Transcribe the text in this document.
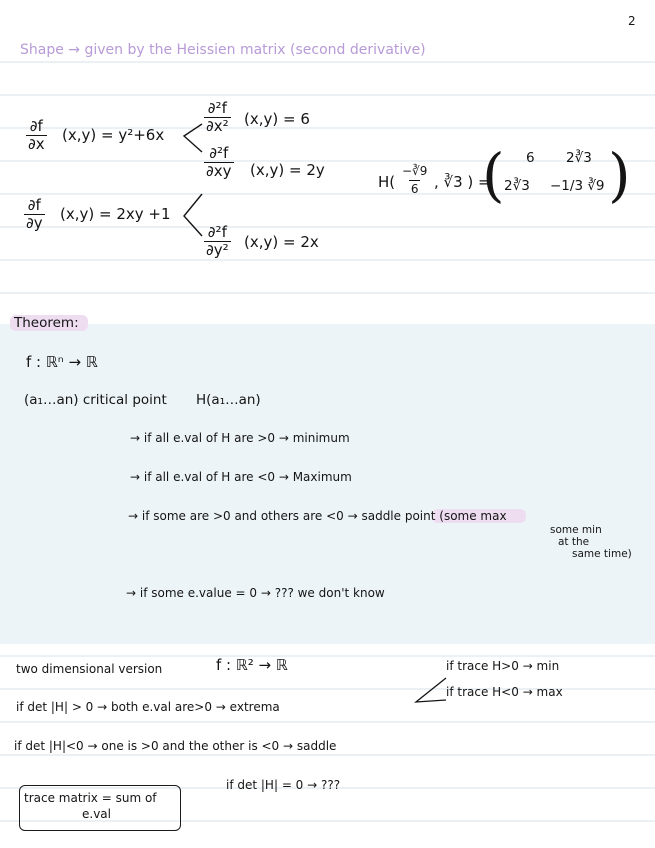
2
Shape → given by the Heissien matrix (second derivative)
$\frac{\partial f}{\partial x} (x,y) = y^2+6x$	$\frac{\text{∂²f}}{\text{∂x²}} (x,y) = 6$
$\frac{\text{∂²f}}{\partial xy} (x,y) = 2y$
$\frac{\partial f}{\partial y} (x,y) = 2xy +1$
$\frac{\text{∂²f}}{\text{∂y²}} (x,y) = 2x$
$H( \frac{-∛9}{6}$ , ∛3 ) =
( 6 2∛3
2∛3 −1/3 ∛9 )
Theorem:
f : ℝⁿ → ℝ
(a₁…an) critical point H(a₁…an)
→ if all e.val of H are >0 → minimum
→ if all e.val of H are <0 → Maximum
→ if some are >0 and others are <0 → saddle point (some max
some min
at the
same time)
→ if some e.value = 0 → ??? we don't know
two dimensional version	f : ℝ² → ℝ	if trace H>0 → min
if trace H<0 → max
if det |H| > 0 → both e.val are>0 → extrema
if det |H|<0 → one is >0 and the other is <0 → saddle
if det |H| = 0 → ???
trace matrix = sum of
e.val
